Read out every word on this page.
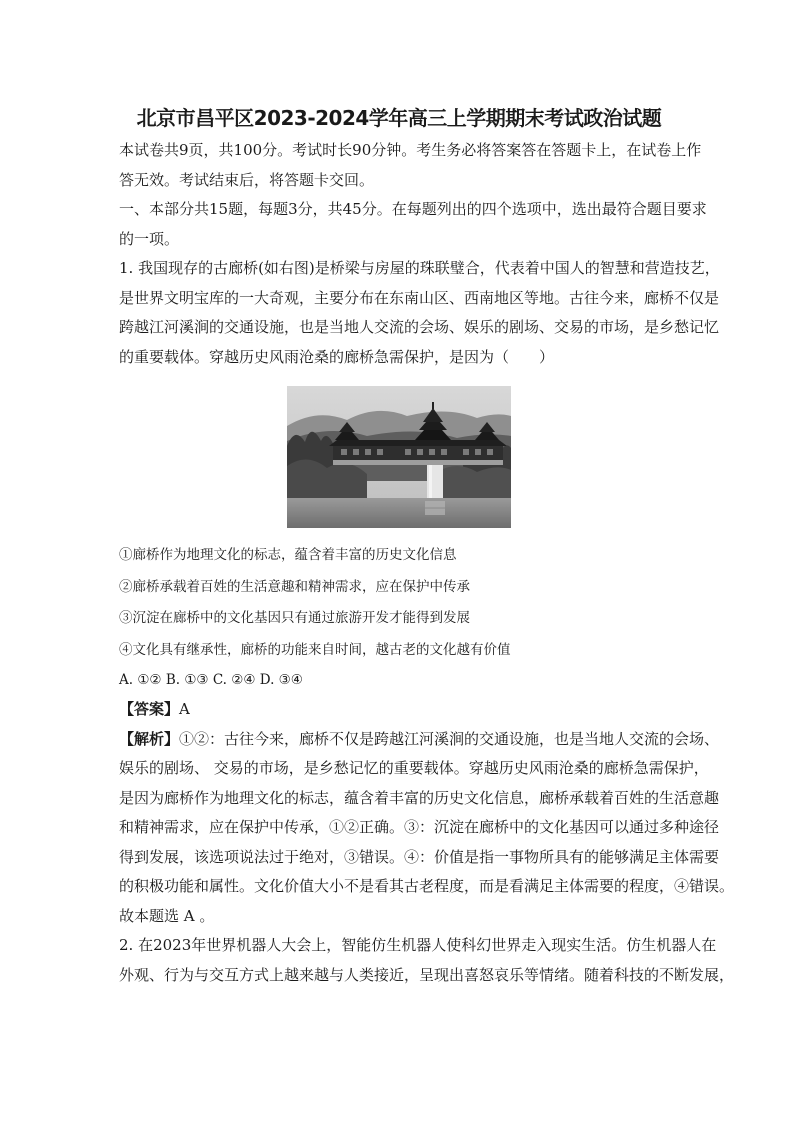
北京市昌平区2023-2024学年高三上学期期末考试政治试题

本试卷共9页，共100分。考试时长90分钟。考生务必将答案答在答题卡上，在试卷上作

答无效。考试结束后，将答题卡交回。

一、本部分共15题，每题3分，共45分。在每题列出的四个选项中，选出最符合题目要求

的一项。

1. 我国现存的古廊桥(如右图)是桥梁与房屋的珠联璧合，代表着中国人的智慧和营造技艺，

是世界文明宝库的一大奇观，主要分布在东南山区、西南地区等地。古往今来，廊桥不仅是

跨越江河溪涧的交通设施，也是当地人交流的会场、娱乐的剧场、交易的市场，是乡愁记忆

的重要载体。穿越历史风雨沧桑的廊桥急需保护，是因为（　　）

①廊桥作为地理文化的标志，蕴含着丰富的历史文化信息

②廊桥承载着百姓的生活意趣和精神需求，应在保护中传承

③沉淀在廊桥中的文化基因只有通过旅游开发才能得到发展

④文化具有继承性，廊桥的功能来自时间，越古老的文化越有价值

A. ①② B. ①③ C. ②④ D. ③④

【答案】A

【解析】①②：古往今来，廊桥不仅是跨越江河溪涧的交通设施，也是当地人交流的会场、

娱乐的剧场、 交易的市场，是乡愁记忆的重要载体。穿越历史风雨沧桑的廊桥急需保护，

是因为廊桥作为地理文化的标志，蕴含着丰富的历史文化信息，廊桥承载着百姓的生活意趣

和精神需求，应在保护中传承，①②正确。③：沉淀在廊桥中的文化基因可以通过多种途径

得到发展，该选项说法过于绝对，③错误。④：价值是指一事物所具有的能够满足主体需要

的积极功能和属性。文化价值大小不是看其古老程度，而是看满足主体需要的程度，④错误。

故本题选 A 。

2. 在2023年世界机器人大会上，智能仿生机器人使科幻世界走入现实生活。仿生机器人在

外观、行为与交互方式上越来越与人类接近，呈现出喜怒哀乐等情绪。随着科技的不断发展，
